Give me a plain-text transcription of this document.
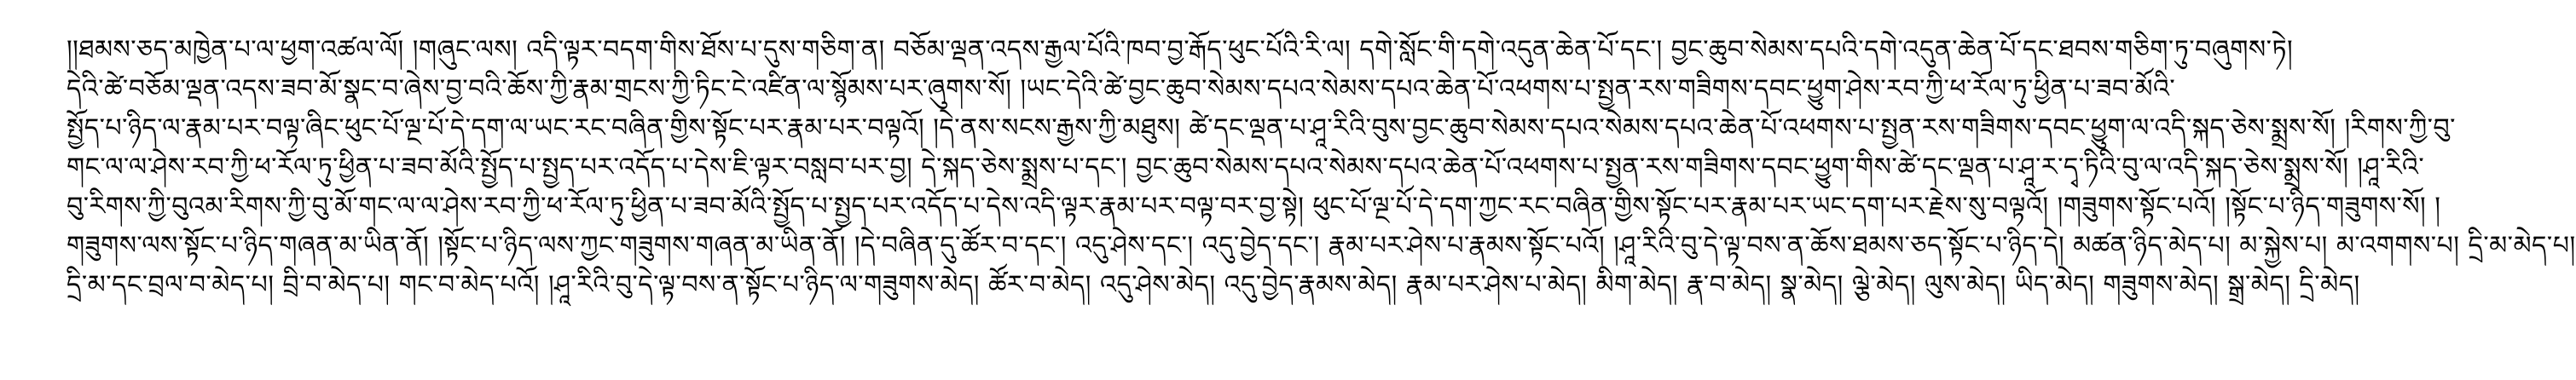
།།ཐམས་ཅད་མཁྱེན་པ་ལ་ཕྱག་འཚལ་ལོ། །གཞུང་ལས། འདི་ལྟར་བདག་གིས་ཐོས་པ་དུས་གཅིག་ན། བཅོམ་ལྡན་འདས་རྒྱལ་པོའི་ཁབ་བྱ་རྒོད་ཕུང་པོའི་རི་ལ། དགེ་སློང་གི་དགེ་འདུན་ཆེན་པོ་དང་། བྱང་ཆུབ་སེམས་དཔའི་དགེ་འདུན་ཆེན་པོ་དང་ཐབས་གཅིག་ཏུ་བཞུགས་ཏེ།
དེའི་ཚེ་བཅོམ་ལྡན་འདས་ཟབ་མོ་སྣང་བ་ཞེས་བྱ་བའི་ཆོས་ཀྱི་རྣམ་གྲངས་ཀྱི་ཏིང་ངེ་འཛིན་ལ་སྙོམས་པར་ཞུགས་སོ། །ཡང་དེའི་ཚེ་བྱང་ཆུབ་སེམས་དཔའ་སེམས་དཔའ་ཆེན་པོ་འཕགས་པ་སྤྱན་རས་གཟིགས་དབང་ཕྱུག་ཤེས་རབ་ཀྱི་ཕ་རོལ་ཏུ་ཕྱིན་པ་ཟབ་མོའི་
སྤྱོད་པ་ཉིད་ལ་རྣམ་པར་བལྟ་ཞིང་ཕུང་པོ་ལྔ་པོ་དེ་དག་ལ་ཡང་རང་བཞིན་གྱིས་སྟོང་པར་རྣམ་པར་བལྟའོ། །དེ་ནས་སངས་རྒྱས་ཀྱི་མཐུས། ཚེ་དང་ལྡན་པ་ཤཱ་རིའི་བུས་བྱང་ཆུབ་སེམས་དཔའ་སེམས་དཔའ་ཆེན་པོ་འཕགས་པ་སྤྱན་རས་གཟིགས་དབང་ཕྱུག་ལ་འདི་སྐད་ཅེས་སྨྲས་སོ། །རིགས་ཀྱི་བུ་
གང་ལ་ལ་ཤེས་རབ་ཀྱི་ཕ་རོལ་ཏུ་ཕྱིན་པ་ཟབ་མོའི་སྤྱོད་པ་སྤྱད་པར་འདོད་པ་དེས་ཇི་ལྟར་བསླབ་པར་བྱ། དེ་སྐད་ཅེས་སྨྲས་པ་དང་། བྱང་ཆུབ་སེམས་དཔའ་སེམས་དཔའ་ཆེན་པོ་འཕགས་པ་སྤྱན་རས་གཟིགས་དབང་ཕྱུག་གིས་ཚེ་དང་ལྡན་པ་ཤཱ་ར་དྭ་ཏིའི་བུ་ལ་འདི་སྐད་ཅེས་སྨྲས་སོ། །ཤཱ་རིའི་
བུ་རིགས་ཀྱི་བུའམ་རིགས་ཀྱི་བུ་མོ་གང་ལ་ལ་ཤེས་རབ་ཀྱི་ཕ་རོལ་ཏུ་ཕྱིན་པ་ཟབ་མོའི་སྤྱོད་པ་སྤྱད་པར་འདོད་པ་དེས་འདི་ལྟར་རྣམ་པར་བལྟ་བར་བྱ་སྟེ། ཕུང་པོ་ལྔ་པོ་དེ་དག་ཀྱང་རང་བཞིན་གྱིས་སྟོང་པར་རྣམ་པར་ཡང་དག་པར་རྗེས་སུ་བལྟའོ། །གཟུགས་སྟོང་པའོ། །སྟོང་པ་ཉིད་གཟུགས་སོ། །
གཟུགས་ལས་སྟོང་པ་ཉིད་གཞན་མ་ཡིན་ནོ། །སྟོང་པ་ཉིད་ལས་ཀྱང་གཟུགས་གཞན་མ་ཡིན་ནོ། །དེ་བཞིན་དུ་ཚོར་བ་དང་། འདུ་ཤེས་དང་། འདུ་བྱེད་དང་། རྣམ་པར་ཤེས་པ་རྣམས་སྟོང་པའོ། །ཤཱ་རིའི་བུ་དེ་ལྟ་བས་ན་ཆོས་ཐམས་ཅད་སྟོང་པ་ཉིད་དེ། མཚན་ཉིད་མེད་པ། མ་སྐྱེས་པ། མ་འགགས་པ། དྲི་མ་མེད་པ།
དྲི་མ་དང་བྲལ་བ་མེད་པ། བྲི་བ་མེད་པ། གང་བ་མེད་པའོ། །ཤཱ་རིའི་བུ་དེ་ལྟ་བས་ན་སྟོང་པ་ཉིད་ལ་གཟུགས་མེད། ཚོར་བ་མེད། འདུ་ཤེས་མེད། འདུ་བྱེད་རྣམས་མེད། རྣམ་པར་ཤེས་པ་མེད། མིག་མེད། རྣ་བ་མེད། སྣ་མེད། ལྕེ་མེད། ལུས་མེད། ཡིད་མེད། གཟུགས་མེད། སྒྲ་མེད། དྲི་མེད།
